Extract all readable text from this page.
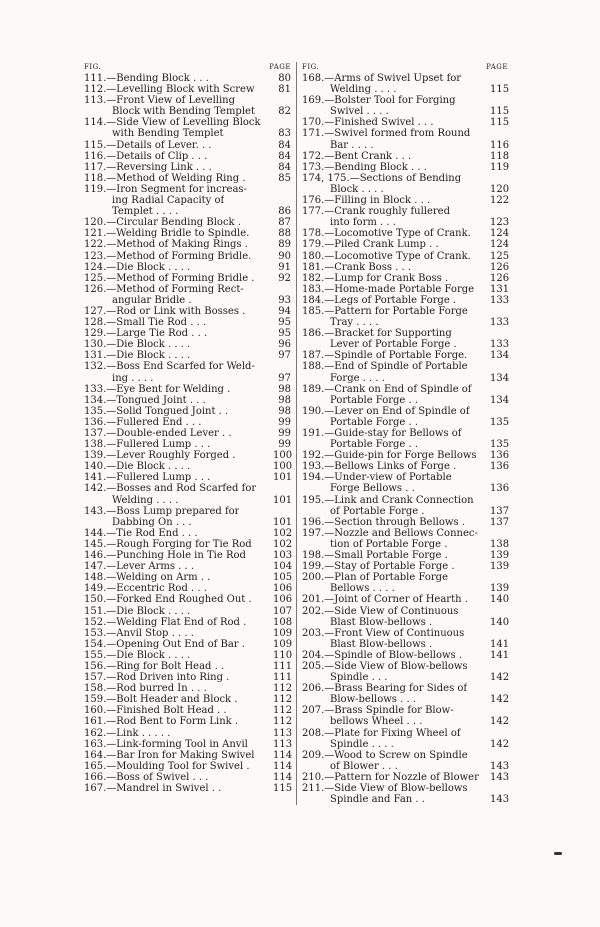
FIG.	PAGE
111.—Bending Block . . .	80
112.—Levelling Block with Screw	81
113.—Front View of Levelling
Block with Bending Templet	82
114.—Side View of Levelling Block
with Bending Templet	83
115.—Details of Lever. . .	84
116.—Details of Clip . . .	84
117.—Reversing Link . . .	84
118.—Method of Welding Ring .	85
119.—Iron Segment for increas-
ing Radial Capacity of
Templet . . . .	86
120.—Circular Bending Block .	87
121.—Welding Bridle to Spindle.	88
122.—Method of Making Rings .	89
123.—Method of Forming Bridle.	90
124.—Die Block . . . .	91
125.—Method of Forming Bridle .	92
126.—Method of Forming Rect-
angular Bridle .	93
127.—Rod or Link with Bosses .	94
128.—Small Tie Rod . . .	95
129.—Large Tie Rod . . .	95
130.—Die Block . . . .	96
131.—Die Block . . . .	97
132.—Boss End Scarfed for Weld-
ing . . . .	97
133.—Eye Bent for Welding .	98
134.—Tongued Joint . . .	98
135.—Solid Tongued Joint . .	98
136.—Fullered End . . .	99
137.—Double-ended Lever . .	99
138.—Fullered Lump . . .	99
139.—Lever Roughly Forged .	100
140.—Die Block . . . .	100
141.—Fullered Lump . . .	101
142.—Bosses and Rod Scarfed for
Welding . . . .	101
143.—Boss Lump prepared for
Dabbing On . . .	101
144.—Tie Rod End . . .	102
145.—Rough Forging for Tie Rod 102
146.—Punching Hole in Tie Rod	103
147.—Lever Arms . . .	104
148.—Welding on Arm . .	105
149.—Eccentric Rod . . .	106
150.—Forked End Roughed Out . 106
151.—Die Block . . . .	107
152.—Welding Flat End of Rod .	108
153.—Anvil Stop . . . .	109
154.—Opening Out End of Bar .	109
155.—Die Block . . . .	110
156.—Ring for Bolt Head . .	111
157.—Rod Driven into Ring .	111
158.—Rod burred In . . .	112
159.—Bolt Header and Block .	112
160.—Finished Bolt Head . .	112
161.—Rod Bent to Form Link .	112
162.—Link . . . . .	113
163.—Link-forming Tool in Anvil	113
164.—Bar Iron for Making Swivel 114
165.—Moulding Tool for Swivel . 114
166.—Boss of Swivel . . .	114
167.—Mandrel in Swivel . .	115
FIG.	PAGE
168.—Arms of Swivel Upset for
Welding . . . .	115
169.—Bolster Tool for Forging
Swivel . . . .	115
170.—Finished Swivel . . .	115
171.—Swivel formed from Round
Bar . . . .	116
172.—Bent Crank . . .	118
173.—Bending Block . . .	119
174, 175.—Sections of Bending
Block . . . .	120
176.—Filling in Block . . .	122
177.—Crank roughly fullered
into form . . .	123
178.—Locomotive Type of Crank. 124
179.—Piled Crank Lump . .	124
180.—Locomotive Type of Crank. 125
181.—Crank Boss . . .	126
182.—Lump for Crank Boss .	126
183.—Home-made Portable Forge 131
184.—Legs of Portable Forge .	133
185.—Pattern for Portable Forge
Tray . . . .	133
186.—Bracket for Supporting
Lever of Portable Forge .	133
187.—Spindle of Portable Forge. 134
188.—End of Spindle of Portable
Forge . . . .	134
189.—Crank on End of Spindle of
Portable Forge . .	134
190.—Lever on End of Spindle of
Portable Forge . .	135
191.—Guide-stay for Bellows of
Portable Forge . .	135
192.—Guide-pin for Forge Bellows 136
193.—Bellows Links of Forge .	136
194.—Under-view of Portable
Forge Bellows . .	136
195.—Link and Crank Connection
of Portable Forge .	137
196.—Section through Bellows .	137
197.—Nozzle and Bellows Connec-
tion of Portable Forge .	138
198.—Small Portable Forge .	139
199.—Stay of Portable Forge .	139
200.—Plan of Portable Forge
Bellows . . . .	139
201.—Joint of Corner of Hearth . 140
202.—Side View of Continuous
Blast Blow-bellows .	140
203.—Front View of Continuous
Blast Blow-bellows .	141
204.—Spindle of Blow-bellows .	141
205.—Side View of Blow-bellows
Spindle . . .	142
206.—Brass Bearing for Sides of
Blow-bellows . . .	142
207.—Brass Spindle for Blow-
bellows Wheel . . .	142
208.—Plate for Fixing Wheel of
Spindle . . . .	142
209.—Wood to Screw on Spindle
of Blower . . .	143
210.—Pattern for Nozzle of Blower 143
211.—Side View of Blow-bellows
Spindle and Fan . .	143
